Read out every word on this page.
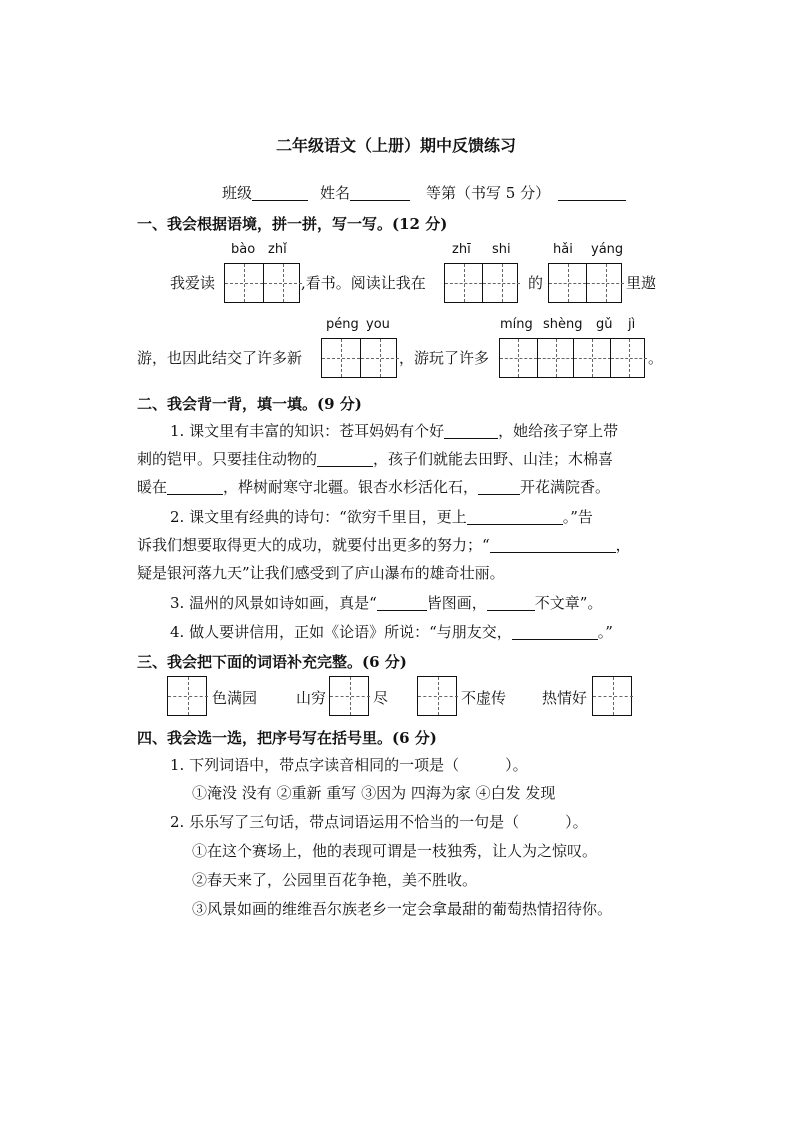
二年级语文（上册）期中反馈练习
班级	姓名	等第（书写 5 分）
一、我会根据语境，拼一拼，写一写。(12 分)
bào zhǐ	zhī shi	hǎi yáng
我爱读	,看书。阅读让我在	的	里遨
péng you	míng shèng gǔ jì
游，也因此结交了许多新	，游玩了许多	。
二、我会背一背，填一填。(9 分)
1. 课文里有丰富的知识：苍耳妈妈有个好	，她给孩子穿上带
刺的铠甲。只要挂住动物的	，孩子们就能去田野、山洼；木棉喜
暖在	，桦树耐寒守北疆。银杏水杉活化石，	开花满院香。
2. 课文里有经典的诗句：“欲穷千里目，更上	。”告
诉我们想要取得更大的成功，就要付出更多的努力；“	，
疑是银河落九天”让我们感受到了庐山瀑布的雄奇壮丽。
3. 温州的风景如诗如画，真是“	皆图画，	不文章”。
4. 做人要讲信用，正如《论语》所说：“与朋友交，	。”
三、我会把下面的词语补充完整。(6 分)
色满园	山穷	尽	不虚传 热情好
四、我会选一选，把序号写在括号里。(6 分)
1. 下列词语中，带点字读音相同的一项是（	）。
①淹没 没有 ②重新 重写 ③因为 四海为家 ④白发 发现
2. 乐乐写了三句话，带点词语运用不恰当的一句是（	）。
①在这个赛场上，他的表现可谓是一枝独秀，让人为之惊叹。
②春天来了，公园里百花争艳，美不胜收。
③风景如画的维维吾尔族老乡一定会拿最甜的葡萄热情招待你。
